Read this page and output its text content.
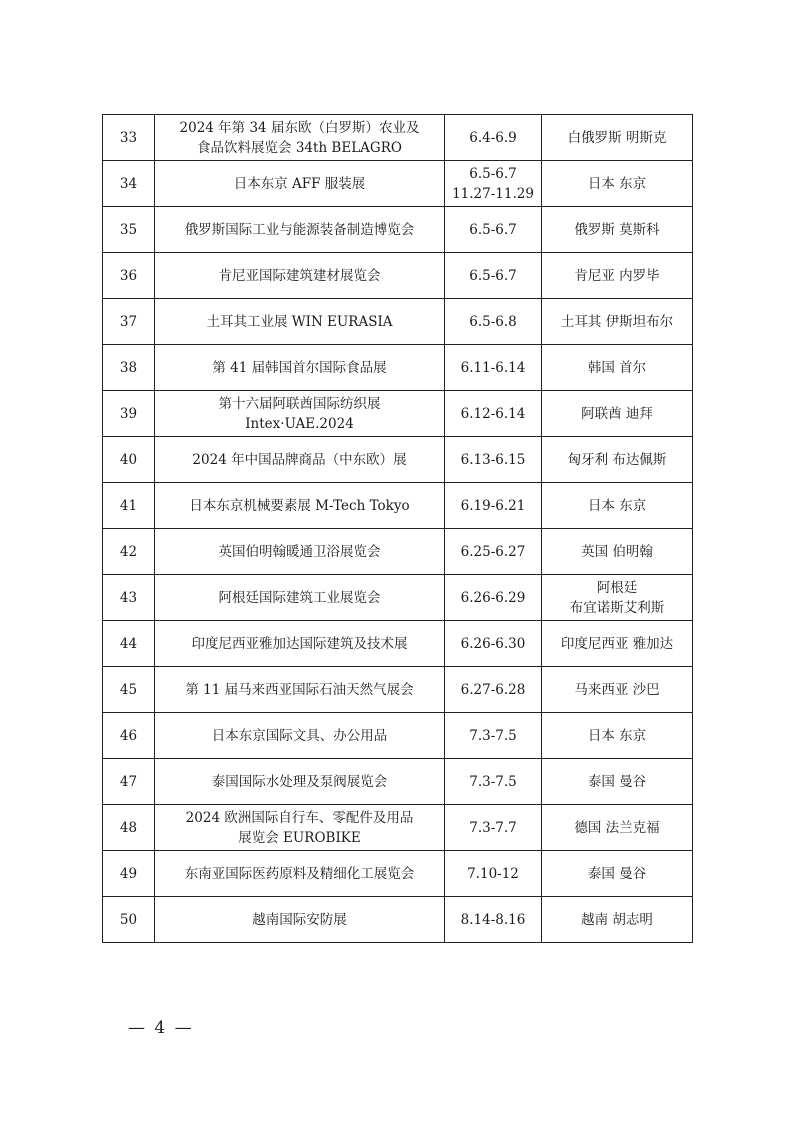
33	2024 年第 34 届东欧（白罗斯）农业及
食品饮料展览会 34th BELAGRO	6.4-6.9	白俄罗斯 明斯克

34	日本东京 AFF 服装展	6.5-6.7
11.27-11.29	日本 东京

35	俄罗斯国际工业与能源装备制造博览会	6.5-6.7	俄罗斯 莫斯科

36	肯尼亚国际建筑建材展览会	6.5-6.7	肯尼亚 内罗毕

37	土耳其工业展 WIN EURASIA	6.5-6.8	土耳其 伊斯坦布尔

38	第 41 届韩国首尔国际食品展	6.11-6.14	韩国 首尔

39	第十六届阿联酋国际纺织展
Intex·UAE.2024	6.12-6.14	阿联酋 迪拜

40	2024 年中国品牌商品（中东欧）展	6.13-6.15	匈牙利 布达佩斯

41	日本东京机械要素展 M-Tech Tokyo	6.19-6.21	日本 东京

42	英国伯明翰暖通卫浴展览会	6.25-6.27	英国 伯明翰

43	阿根廷国际建筑工业展览会	6.26-6.29	阿根廷
布宜诺斯艾利斯

44	印度尼西亚雅加达国际建筑及技术展	6.26-6.30	印度尼西亚 雅加达

45	第 11 届马来西亚国际石油天然气展会	6.27-6.28	马来西亚 沙巴

46	日本东京国际文具、办公用品	7.3-7.5	日本 东京

47	泰国国际水处理及泵阀展览会	7.3-7.5	泰国 曼谷

48	2024 欧洲国际自行车、零配件及用品
展览会 EUROBIKE	7.3-7.7	德国 法兰克福

49	东南亚国际医药原料及精细化工展览会	7.10-12	泰国 曼谷

50	越南国际安防展	8.14-8.16	越南 胡志明
— 4 —
